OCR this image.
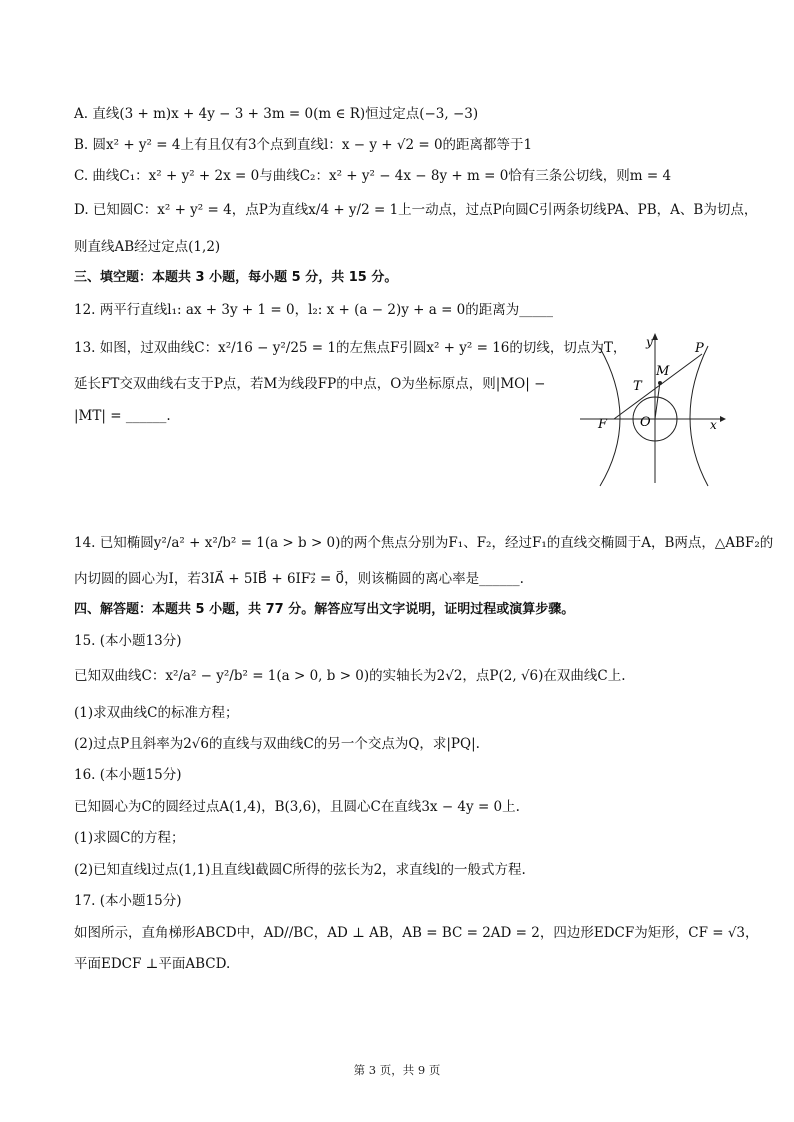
A. 直线(3 + m)x + 4y − 3 + 3m = 0(m ∈ R)恒过定点(−3, −3)
B. 圆x² + y² = 4上有且仅有3个点到直线l：x − y + √2 = 0的距离都等于1
C. 曲线C₁：x² + y² + 2x = 0与曲线C₂：x² + y² − 4x − 8y + m = 0恰有三条公切线，则m = 4
D. 已知圆C：x² + y² = 4，点P为直线x/4 + y/2 = 1上一动点，过点P向圆C引两条切线PA、PB，A、B为切点，
则直线AB经过定点(1,2)
三、填空题：本题共 3 小题，每小题 5 分，共 15 分。
12. 两平行直线l₁: ax + 3y + 1 = 0，l₂: x + (a − 2)y + a = 0的距离为_____
13. 如图，过双曲线C：x²/16 − y²/25 = 1的左焦点F引圆x² + y² = 16的切线，切点为T，
延长FT交双曲线右支于P点，若M为线段FP的中点，O为坐标原点，则|MO| −
|MT| = ______.
y	P
M
T
F	O	x
14. 已知椭圆y²/a² + x²/b² = 1(a > b > 0)的两个焦点分别为F₁、F₂，经过F₁的直线交椭圆于A，B两点，△ABF₂的
内切圆的圆心为I，若3IA⃗ + 5IB⃗ + 6IF₂⃗ = 0⃗，则该椭圆的离心率是______.
四、解答题：本题共 5 小题，共 77 分。解答应写出文字说明，证明过程或演算步骤。
15. (本小题13分)
已知双曲线C：x²/a² − y²/b² = 1(a > 0, b > 0)的实轴长为2√2，点P(2, √6)在双曲线C上.
(1)求双曲线C的标准方程；
(2)过点P且斜率为2√6的直线与双曲线C的另一个交点为Q，求|PQ|.
16. (本小题15分)
已知圆心为C的圆经过点A(1,4)，B(3,6)，且圆心C在直线3x − 4y = 0上.
(1)求圆C的方程；
(2)已知直线l过点(1,1)且直线l截圆C所得的弦长为2，求直线l的一般式方程.
17. (本小题15分)
如图所示，直角梯形ABCD中，AD//BC，AD ⊥ AB，AB = BC = 2AD = 2，四边形EDCF为矩形，CF = √3，
平面EDCF ⊥平面ABCD.
第 3 页，共 9 页
